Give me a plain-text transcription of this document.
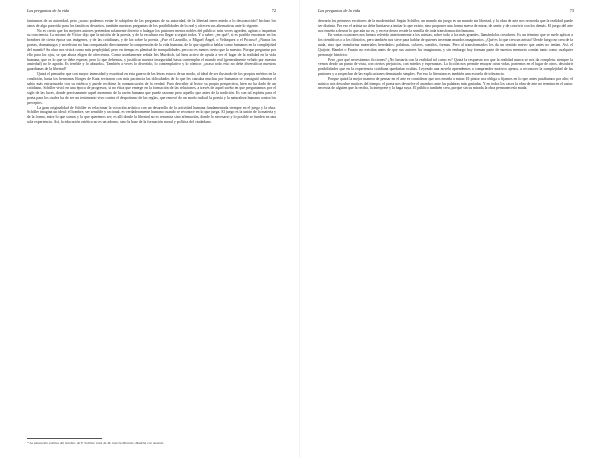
Las preguntas de la vida	72

fantasmas de su autoridad, pero ¿acaso podemos evitar le sobipilen de las preguntas de su autoridad, de la libertad tener miedo a lo desconocido? Incluso los ateos de algo parecido para los fanáticos decaritos, también nuestras preguntas de los posibilidades de lo real y ofrecen sus alternativas ante lo vigente.

No es cierto que los mejores autores pretendan solamente divertir o halagar los pasiones menos nobles del público: más veces agreden, agitan o inquietan su conciencia. Lo mismo de Víctor dijo que la misión de la poesía, y de la escultura era llegar a seguir todos. Y a saber: ¿en qué?, si es posible encontrar en los hombres de cierta época sus imágenes, y de las cotidianas, y de las sobre la poesía. ¿Fue el Lazarillo, o Miguel Ángel, o Velázquez o el Picasso? ¿Nunca los poetas, dramaturgos y novelistas no han conquistado directamente la comprensión de la vida humana, de lo que significa hablar como humanos en la complejidad del mundo? Su obra nos vivirá como más perplejidad, pero en tiempo es plenitud de tranquilidades, pero no es menos cierto que lo nuestro. Porque preguntar por ello para los ojos, se que ahora eligen de ofrecernos. Como ustedamente señala Iris Murdoch, tal bien activo de ayuda a ver el lugar de la realidad en la vida humana, que es lo que se debe esperar, pero lo que debemos, y justificar nuestra inseguridad hasta contemplar el mundo real (generalmente velado por nuestra ansiedad) no le agrada. Es terrible y lo absurdo». También a veces lo divertido, lo contemplativo y lo cómico: ¿acaso todo esto no debe diversificar nuestras guardianas de la libertad?

Quizá el pensador que con mayor intensidad y exactitud en esta guerra de las letras estuvo de un modo, al ideal de ser ilustrado de los propios méritos en la condición, hasta los hermanos Borges de Kant revisaron con más paciencia las dificultades de lo que les causaba muchas por humanas se consiguió admirar el sabio más estructurado con su estética y puede recibirse la comunicación de la verdad. Para describir al lector su propia perspectiva, bien no ha dado de un cotidiano. Schiller vivió en una época de progresos, si no ética que emerge en la formación de las relaciones, a través de aquel sueño en que preguntamos por el siglo de las luces, donde precisamente aquel momento de la razón humana que puede razonar pero aquello que antes de la tradición. Es con tal espíritu para el poeta para los cuales ha de ser un testimonio vivo contra el despotismo de las reglas, que renovó de un modo radical la poesía y la naturaleza humana contra los preceptos.

La gran originalidad de Schiller es relacionar la vocación artística con un desarrollo de la actividad humana fundamentada siempre en el juego y la obra. Schiller imagina un ideal: el hombre, ser sensible y racional, es verdaderamente humano cuando se reconoce en lo que juega. El juego es la unión de la materia y de la forma, entre lo que somos y lo que queremos ser; es allí donde la libertad no es renuncia sino afirmación, donde lo necesario y lo posible se funden en una sola experiencia. Así, la educación estética no es un adorno, sino la base de la formación moral y política del ciudadano.

* La educación estética del hombre, de F. Schiller, trad. de M. García Morente, Madrid, col. Austral.
Las preguntas de la vida	73

desearía los primeros escritores de la modernidad. Según Schiller, un mundo sin juego es un mundo sin libertad, y la obra de arte nos recuerda que la realidad puede ser distinta. Por eso el artista no debe limitarse a imitar lo que existe, sino proponer una forma nueva de mirar, de sentir y de convivir con los demás. El juego del arte nos enseña a desear lo que aún no es, y en ese deseo reside la semilla de toda transformación humana.

En varias ocasiones nos hemos referido anteriormente a los artistas, sobre todo a los más grandes, llamándolos creadores. Es un término que se suele aplicar a los científicos o a los filósofos, pero también nos sirve para hablar de quienes inventan mundos imaginarios. ¿Qué es lo que crea un artista? Desde luego no crea de la nada, sino que transforma materiales heredados: palabras, colores, sonidos, formas. Pero al transformarlos les da un sentido nuevo que antes no tenían. Así, el Quijote, Hamlet o Fausto no existían antes de que sus autores los imaginaran, y sin embargo hoy forman parte de nuestra memoria común tanto como cualquier personaje histórico.

Pero ¿por qué necesitamos ficciones? ¿No bastaría con la realidad tal como es? Quizá la respuesta sea que la realidad nunca se nos da completa: siempre la vemos desde un punto de vista, con ciertos prejuicios, con miedos y esperanzas. La ficción nos permite ensayar otras vidas, ponernos en el lugar de otros, descubrir posibilidades que en la experiencia cotidiana quedarían ocultas. Leyendo una novela aprendemos a comprender motivos ajenos, a reconocer la complejidad de las pasiones y a sospechar de las explicaciones demasiado simples. Por eso la literatura es también una escuela de tolerancia.

Porque quizá la mejor manera de pensar en el arte es considerar que nos enseña a mirar. El pintor nos obliga a fijarnos en lo que antes pasábamos por alto; el músico nos descubre matices del tiempo; el poeta nos devuelve el asombro ante las palabras más gastadas. Y en todos los casos la obra de arte no termina en el autor: necesita de alguien que la reciba, la interprete y la haga suya. El público también crea, porque sin su mirada la obra permanecería muda.
